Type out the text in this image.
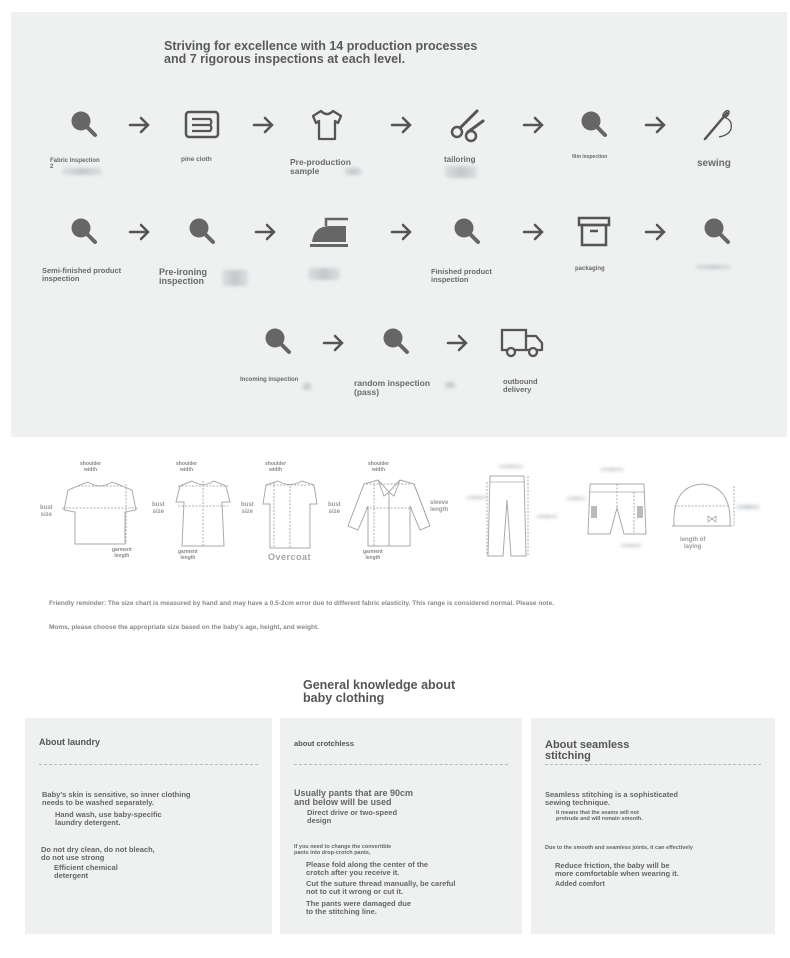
Striving for excellence with 14 production processes
and 7 rigorous inspections at each level.
Fabric Inspection
2
pine cloth	Pre-production
sample
tailoring	film inspection
sewing
Semi-finished product
inspection
Pre-ironing
inspection
Finished product
inspection
packaging
Incoming inspection	random inspection
(pass)
outbound
delivery
shoulder
width
bust
size
garment
length
shoulder
width
bust
size
garment
length
shoulder
width
bust
size
Overcoat
shoulder
width
bust
size
sleeve
length
garment
length
length of
laying
Friendly reminder: The size chart is measured by hand and may have a 0.5-2cm error due to different fabric elasticity. This range is considered normal. Please note.
Moms, please choose the appropriate size based on the baby's age, height, and weight.
General knowledge about
baby clothing
About laundry
Baby's skin is sensitive, so inner clothing
needs to be washed separately.
Hand wash, use baby-specific
laundry detergent.
Do not dry clean, do not bleach,
do not use strong
Efficient chemical
detergent
about crotchless
Usually pants that are 90cm
and below will be used
Direct drive or two-speed
design
If you need to change the convertible
pants into drop-crotch pants,
Please fold along the center of the
crotch after you receive it.
Cut the suture thread manually, be careful
not to cut it wrong or cut it.
The pants were damaged due
to the stitching line.
About seamless
stitching
Seamless stitching is a sophisticated
sewing technique.
It means that the seams will not
protrude and will remain smooth.
Due to the smooth and seamless joints, it can effectively
Reduce friction, the baby will be
more comfortable when wearing it.
Added comfort
